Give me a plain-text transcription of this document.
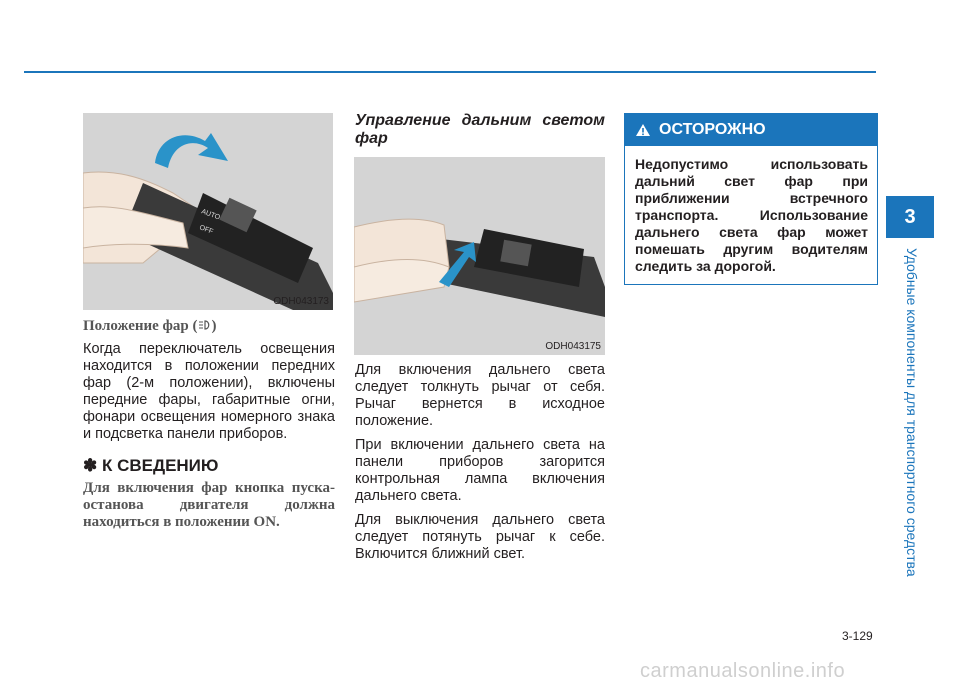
3
Удобные компоненты для транспортного средства
AUTO
OFF
ODH043173
Положение фар ( )

Когда переключатель освещения находится в положении передних фар (2-м положении), включены передние фары, габаритные огни, фонари освещения номерного знака и подсветка панели приборов.

✽ К СВЕДЕНИЮ
Для включения фар кнопка пуска-останова двигателя должна находиться в положении ON.
Управление дальним светом фар
ODH043175

Для включения дальнего света следует толкнуть рычаг от себя. Рычаг вернется в исходное положение.

При включении дальнего света на панели приборов загорится контрольная лампа включения дальнего света.

Для выключения дальнего света следует потянуть рычаг к себе. Включится ближний свет.

ОСТОРОЖНО
Недопустимо использовать дальний свет фар при приближении встречного транспорта. Использование дальнего света фар может помешать другим водителям следить за дорогой.
3-129
carmanualsonline.info
